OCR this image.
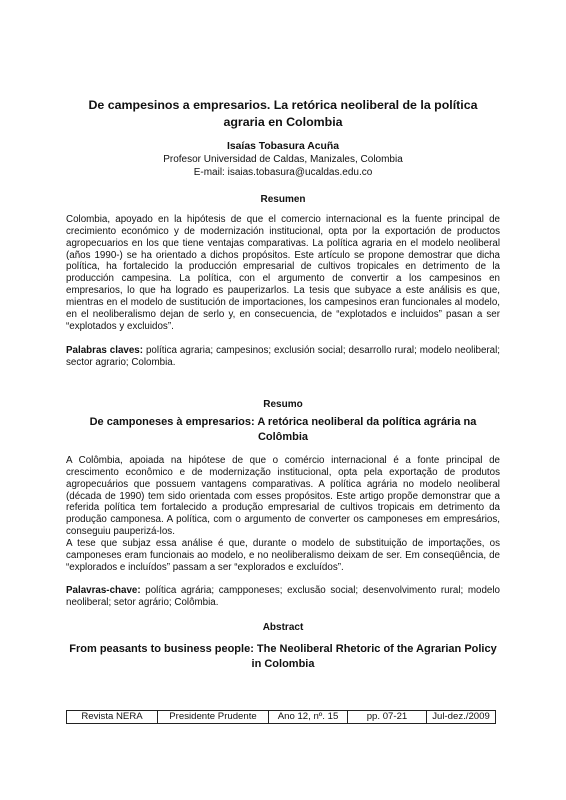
De campesinos a empresarios. La retórica neoliberal de la política agraria en Colombia
Isaías Tobasura Acuña
Profesor Universidad de Caldas, Manizales, Colombia
E-mail: isaias.tobasura@ucaldas.edu.co
Resumen

Colombia, apoyado en la hipótesis de que el comercio internacional es la fuente principal de crecimiento económico y de modernización institucional, opta por la exportación de productos agropecuarios en los que tiene ventajas comparativas. La política agraria en el modelo neoliberal (años 1990-) se ha orientado a dichos propósitos. Este artículo se propone demostrar que dicha política, ha fortalecido la producción empresarial de cultivos tropicales en detrimento de la producción campesina. La política, con el argumento de convertir a los campesinos en empresarios, lo que ha logrado es pauperizarlos. La tesis que subyace a este análisis es que, mientras en el modelo de sustitución de importaciones, los campesinos eran funcionales al modelo, en el neoliberalismo dejan de serlo y, en consecuencia, de “explotados e incluidos” pasan a ser “explotados y excluidos”.

Palabras claves: política agraria; campesinos; exclusión social; desarrollo rural; modelo neoliberal; sector agrario; Colombia.

Resumo
De camponeses à empresarios: A retórica neoliberal da política agrária na Colômbia

A Colômbia, apoiada na hipótese de que o comércio internacional é a fonte principal de crescimento econômico e de modernização institucional, opta pela exportação de produtos agropecuários que possuem vantagens comparativas. A política agrária no modelo neoliberal (década de 1990) tem sido orientada com esses propósitos. Este artigo propõe demonstrar que a referida política tem fortalecido a produção empresarial de cultivos tropicais em detrimento da produção camponesa. A política, com o argumento de converter os camponeses em empresários, conseguiu pauperizá-los.

A tese que subjaz essa análise é que, durante o modelo de substituição de importações, os camponeses eram funcionais ao modelo, e no neoliberalismo deixam de ser. Em conseqüência, de “explorados e incluídos” passam a ser “explorados e excluídos”.

Palavras-chave: política agrária; campponeses; exclusão social; desenvolvimento rural; modelo neoliberal; setor agrário; Colômbia.

Abstract
From peasants to business people: The Neoliberal Rhetoric of the Agrarian Policy in Colombia
Revista NERA	Presidente Prudente	Ano 12, nº. 15	pp. 07-21	Jul-dez./2009
